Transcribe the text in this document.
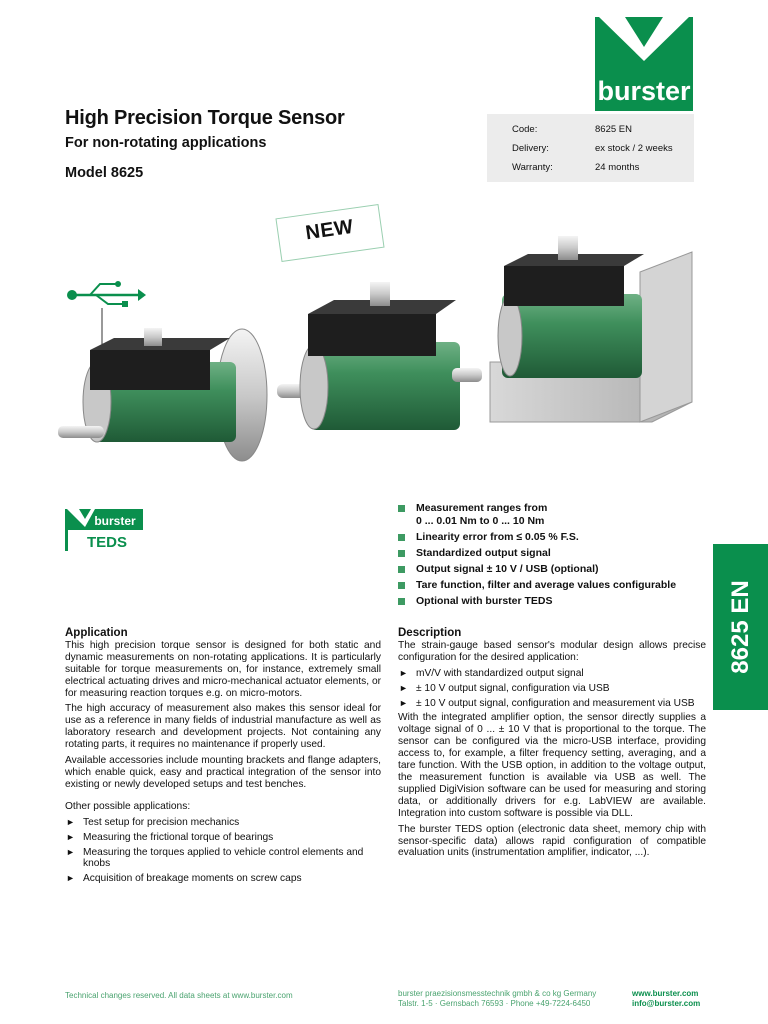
burster
High Precision Torque Sensor
For non-rotating applications
Model 8625
Code:	8625 EN
Delivery:	ex stock / 2 weeks
Warranty:	24 months
NEW
burster
TEDS
Measurement ranges from
0 ... 0.01 Nm to 0 ... 10 Nm
Linearity error from ≤ 0.05 % F.S.
Standardized output signal
Output signal ± 10 V / USB (optional)
Tare function, filter and average values configurable
Optional with burster TEDS	8625 EN
Application

This high precision torque sensor is designed for both static and dynamic measurements on non-rotating applications. It is particularly suitable for torque measurements on, for instance, extremely small electrical actuating drives and micro-mechanical actuator elements, or for measuring reaction torques e.g. on micro-motors.

The high accuracy of measurement also makes this sensor ideal for use as a reference in many fields of industrial manufacture as well as laboratory research and development projects. Not containing any rotating parts, it requires no maintenance if properly used.

Available accessories include mounting brackets and flange adapters, which enable quick, easy and practical integration of the sensor into existing or newly developed setups and test benches.

Other possible applications:

► Test setup for precision mechanics
► Measuring the frictional torque of bearings
► Measuring the torques applied to vehicle control elements and knobs
► Acquisition of breakage moments on screw caps
Description

The strain-gauge based sensor's modular design allows precise configuration for the desired application:

► mV/V with standardized output signal
► ± 10 V output signal, configuration via USB
► ± 10 V output signal, configuration and measurement via USB

With the integrated amplifier option, the sensor directly supplies a voltage signal of 0 ... ± 10 V that is proportional to the torque. The sensor can be configured via the micro-USB interface, providing access to, for example, a filter frequency setting, averaging, and a tare function. With the USB option, in addition to the voltage output, the measurement function is available via USB as well. The supplied DigiVision software can be used for measuring and storing data, or additionally drivers for e.g. LabVIEW are available. Integration into custom software is possible via DLL.

The burster TEDS option (electronic data sheet, memory chip with sensor-specific data) allows rapid configuration of compatible evaluation units (instrumentation amplifier, indicator, ...).

Technical changes reserved. All data sheets at www.burster.com	burster praezisionsmesstechnik gmbh & co kg Germany
Talstr. 1-5 · Gernsbach 76593 · Phone +49-7224-6450
www.burster.com
info@burster.com
